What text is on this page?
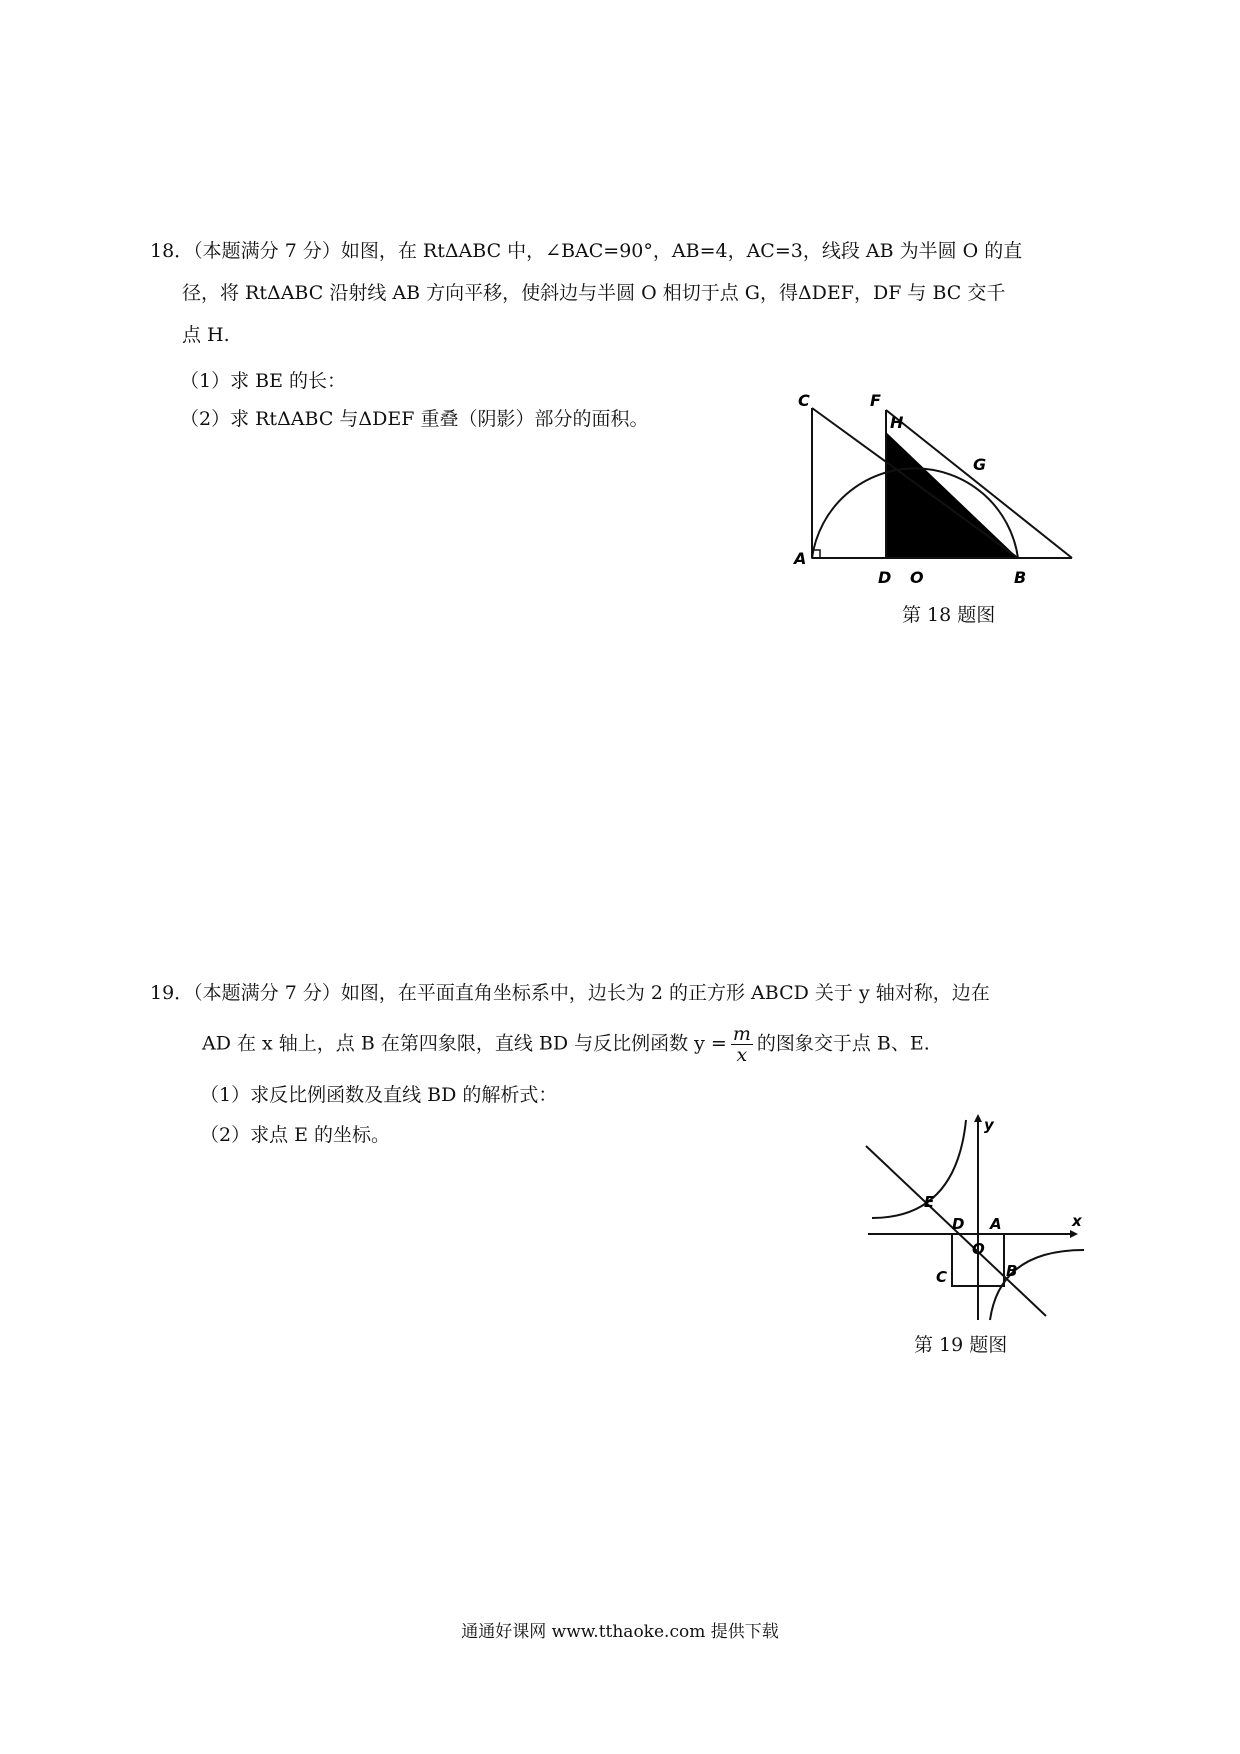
18．（本题满分 7 分）如图，在 RtΔABC 中，∠BAC=90°，AB=4，AC=3，线段 AB 为半圆 O 的直
径，将 RtΔABC 沿射线 AB 方向平移，使斜边与半圆 O 相切于点 G，得ΔDEF，DF 与 BC 交千
点 H.
（1）求 BE 的长：
（2）求 RtΔABC 与ΔDEF 重叠（阴影）部分的面积。
C	F
H
G
A
D O	B
第 18 题图
19．（本题满分 7 分）如图，在平面直角坐标系中，边长为 2 的正方形 ABCD 关于 y 轴对称，边在
AD 在 x 轴上，点 B 在第四象限，直线 BD 与反比例函数 $y = \frac{m}{x}$ 的图象交于点 B、E.
（1）求反比例函数及直线 BD 的解析式：
（2）求点 E 的坐标。	y
x
E
D A
O
C	B
第 19 题图
通通好课网 www.tthaoke.com 提供下载
